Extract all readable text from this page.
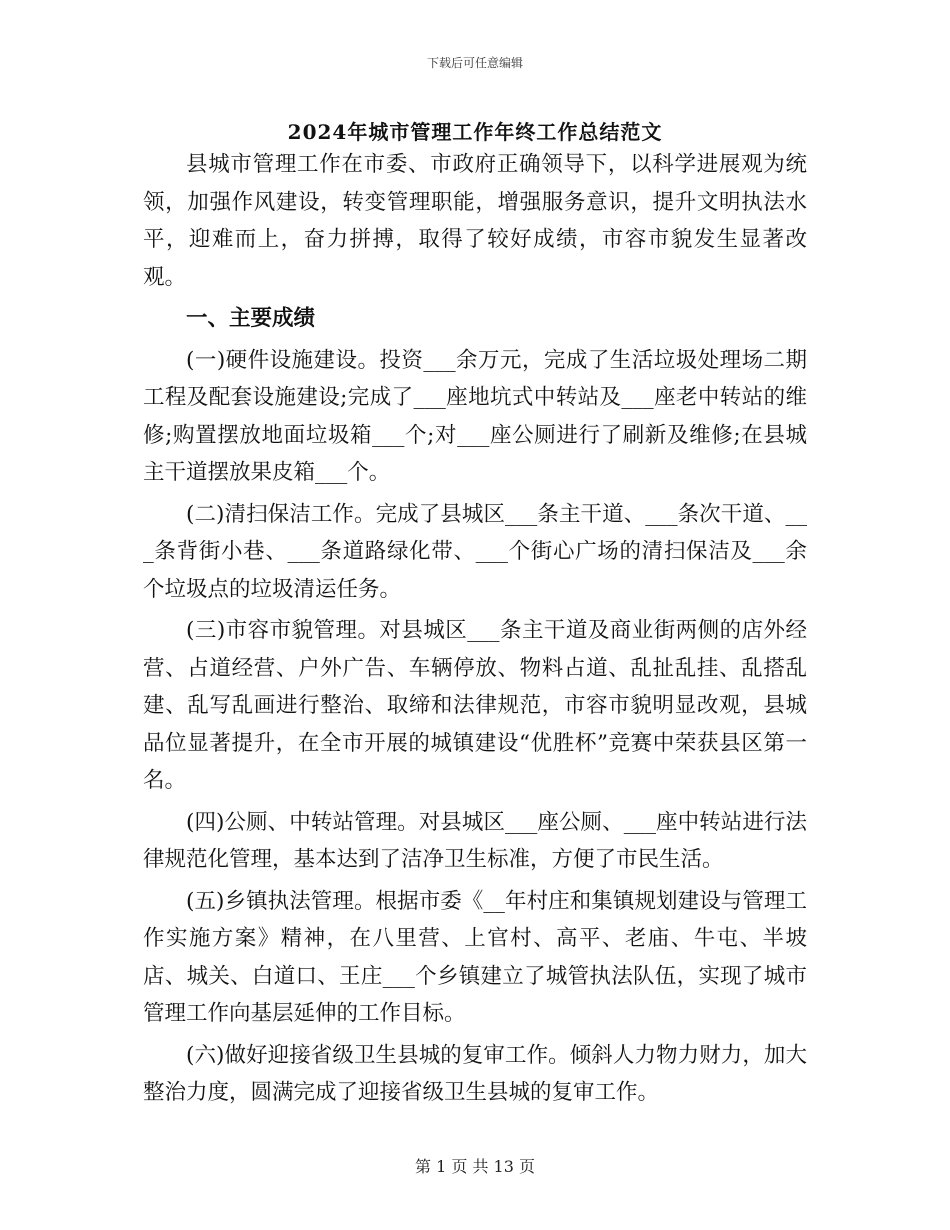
下载后可任意编辑
2024年城市管理工作年终工作总结范文

县城市管理工作在市委、市政府正确领导下，以科学进展观为统领，加强作风建设，转变管理职能，增强服务意识，提升文明执法水平，迎难而上，奋力拼搏，取得了较好成绩，市容市貌发生显著改观。

一、主要成绩

(一)硬件设施建设。投资___余万元，完成了生活垃圾处理场二期工程及配套设施建设;完成了___座地坑式中转站及___座老中转站的维修;购置摆放地面垃圾箱___个;对___座公厕进行了刷新及维修;在县城主干道摆放果皮箱___个。

(二)清扫保洁工作。完成了县城区___条主干道、___条次干道、___条背街小巷、___条道路绿化带、___个街心广场的清扫保洁及___余个垃圾点的垃圾清运任务。

(三)市容市貌管理。对县城区___条主干道及商业街两侧的店外经营、占道经营、户外广告、车辆停放、物料占道、乱扯乱挂、乱搭乱建、乱写乱画进行整治、取缔和法律规范，市容市貌明显改观，县城品位显著提升，在全市开展的城镇建设“优胜杯”竞赛中荣获县区第一名。

(四)公厕、中转站管理。对县城区___座公厕、___座中转站进行法律规范化管理，基本达到了洁净卫生标准，方便了市民生活。

(五)乡镇执法管理。根据市委《__年村庄和集镇规划建设与管理工作实施方案》精神，在八里营、上官村、高平、老庙、牛屯、半坡店、城关、白道口、王庄___个乡镇建立了城管执法队伍，实现了城市管理工作向基层延伸的工作目标。

(六)做好迎接省级卫生县城的复审工作。倾斜人力物力财力，加大整治力度，圆满完成了迎接省级卫生县城的复审工作。

第 1 页 共 13 页
